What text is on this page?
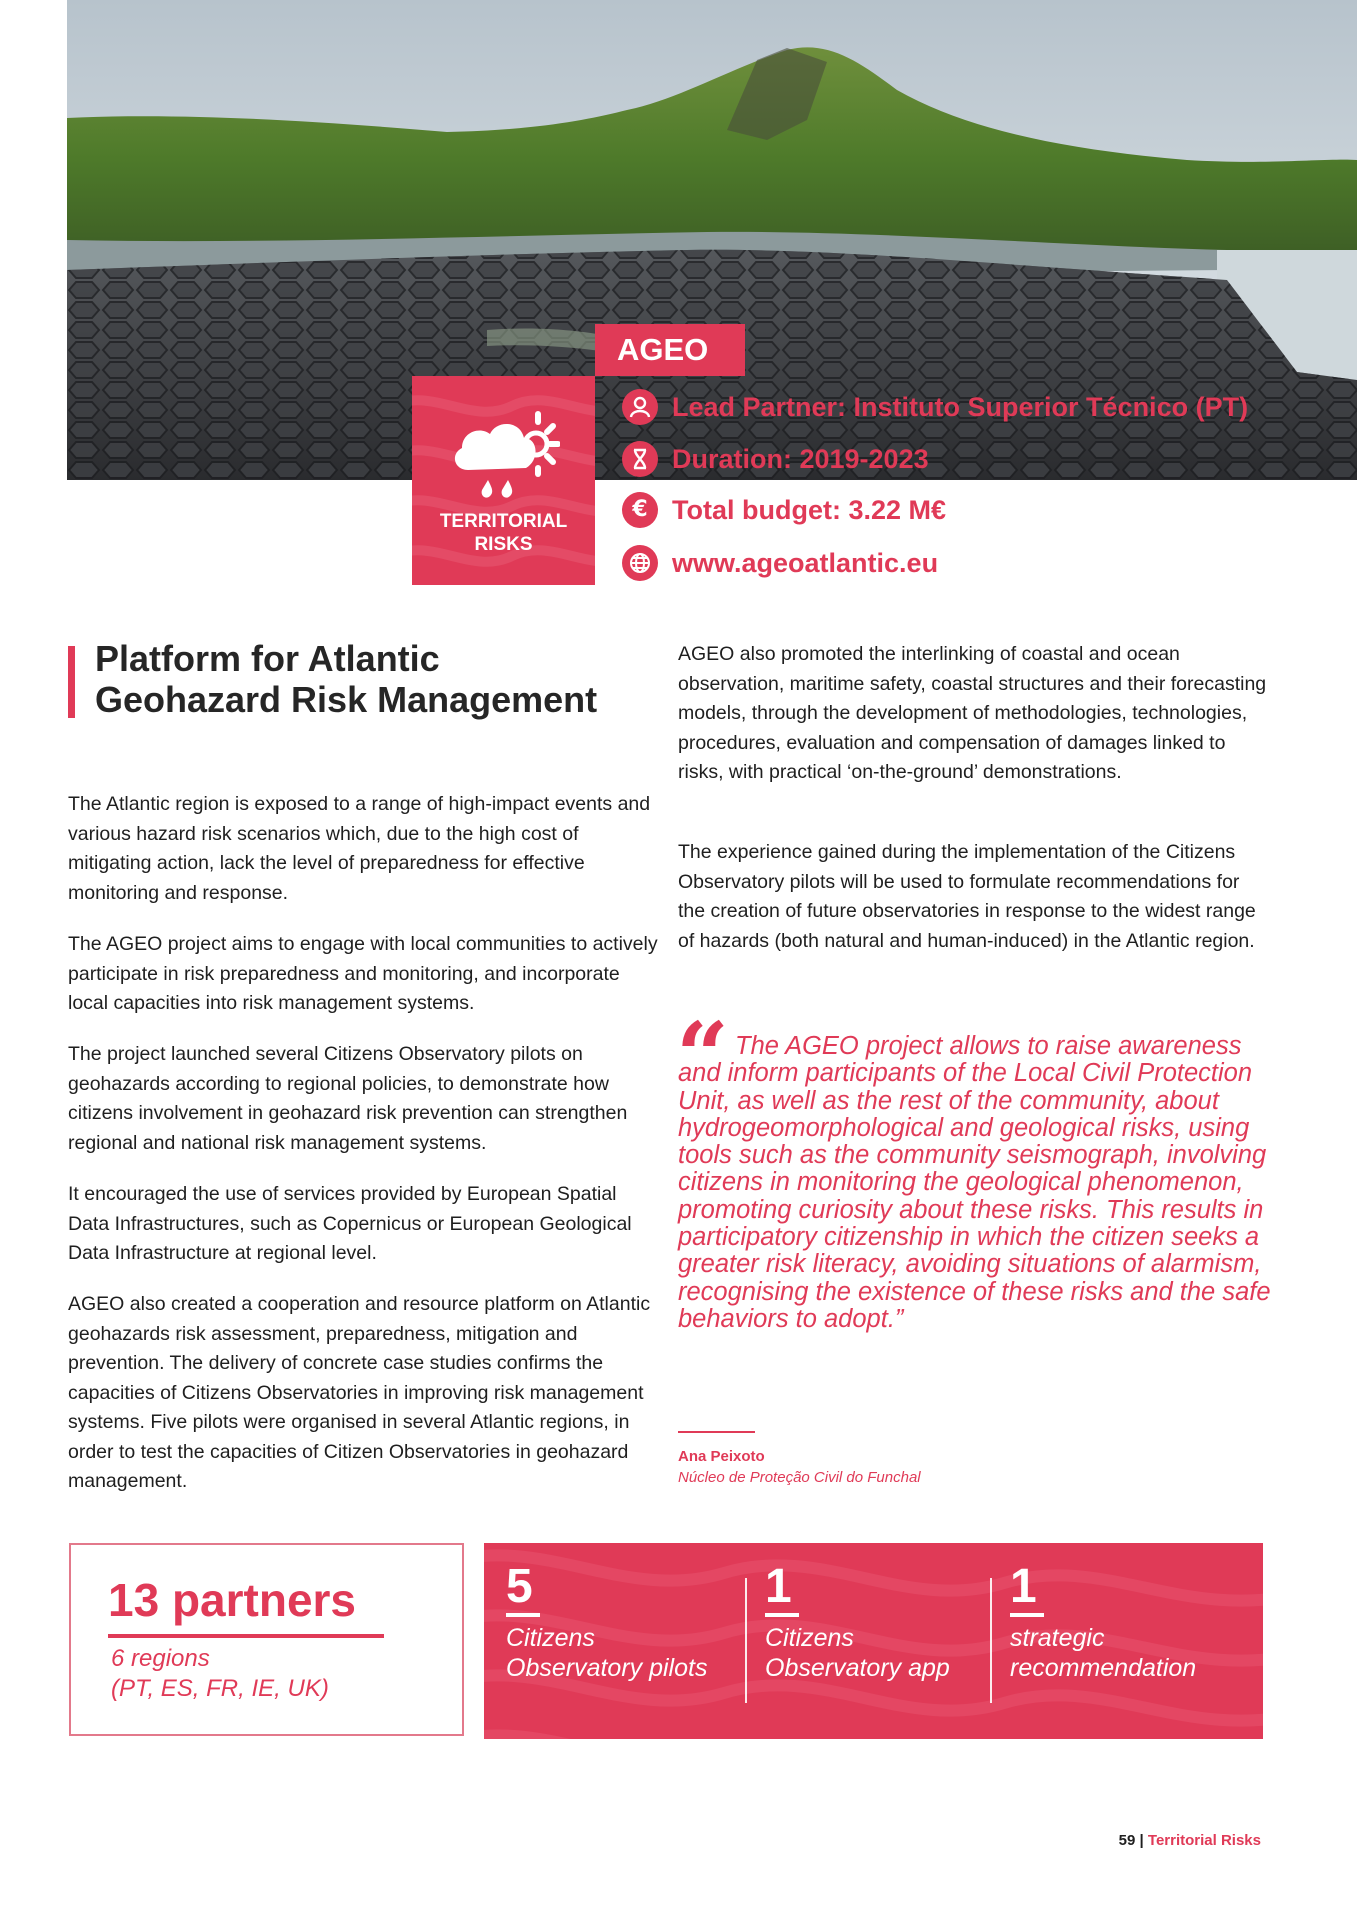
AGEO
TERRITORIAL
RISKS
Lead Partner: Instituto Superior Técnico (PT)
Duration: 2019-2023
€ Total budget: 3.22 M€
www.ageoatlantic.eu
Platform for Atlantic Geohazard Risk Management

The Atlantic region is exposed to a range of high-impact events and various hazard risk scenarios which, due to the high cost of mitigating action, lack the level of preparedness for effective monitoring and response.

The AGEO project aims to engage with local communities to actively participate in risk preparedness and monitoring, and incorporate local capacities into risk management systems.

The project launched several Citizens Observatory pilots on geohazards according to regional policies, to demonstrate how citizens involvement in geohazard risk prevention can strengthen regional and national risk management systems.

It encouraged the use of services provided by European Spatial Data Infrastructures, such as Copernicus or European Geological Data Infrastructure at regional level.

AGEO also created a cooperation and resource platform on Atlantic geohazards risk assessment, preparedness, mitigation and prevention. The delivery of concrete case studies confirms the capacities of Citizens Observatories in improving risk management systems. Five pilots were organised in several Atlantic regions, in order to test the capacities of Citizen Observatories in geohazard management.

AGEO also promoted the interlinking of coastal and ocean observation, maritime safety, coastal structures and their forecasting models, through the development of methodologies, technologies, procedures, evaluation and compensation of damages linked to risks, with practical ‘on-the-ground’ demonstrations.

The experience gained during the implementation of the Citizens Observatory pilots will be used to formulate recommendations for the creation of future observatories in response to the widest range of hazards (both natural and human-induced) in the Atlantic region.

“ The AGEO project allows to raise awareness and inform participants of the Local Civil Protection Unit, as well as the rest of the community, about hydrogeomorphological and geological risks, using tools such as the community seismograph, involving citizens in monitoring the geological phenomenon, promoting curiosity about these risks. This results in participatory citizenship in which the citizen seeks a greater risk literacy, avoiding situations of alarmism, recognising the existence of these risks and the safe behaviors to adopt.”

Ana Peixoto
Núcleo de Proteção Civil do Funchal
13 partners
6 regions
(PT, ES, FR, IE, UK)
5
Citizens
Observatory pilots
1
Citizens
Observatory app
1
strategic
recommendation
59 | Territorial Risks
